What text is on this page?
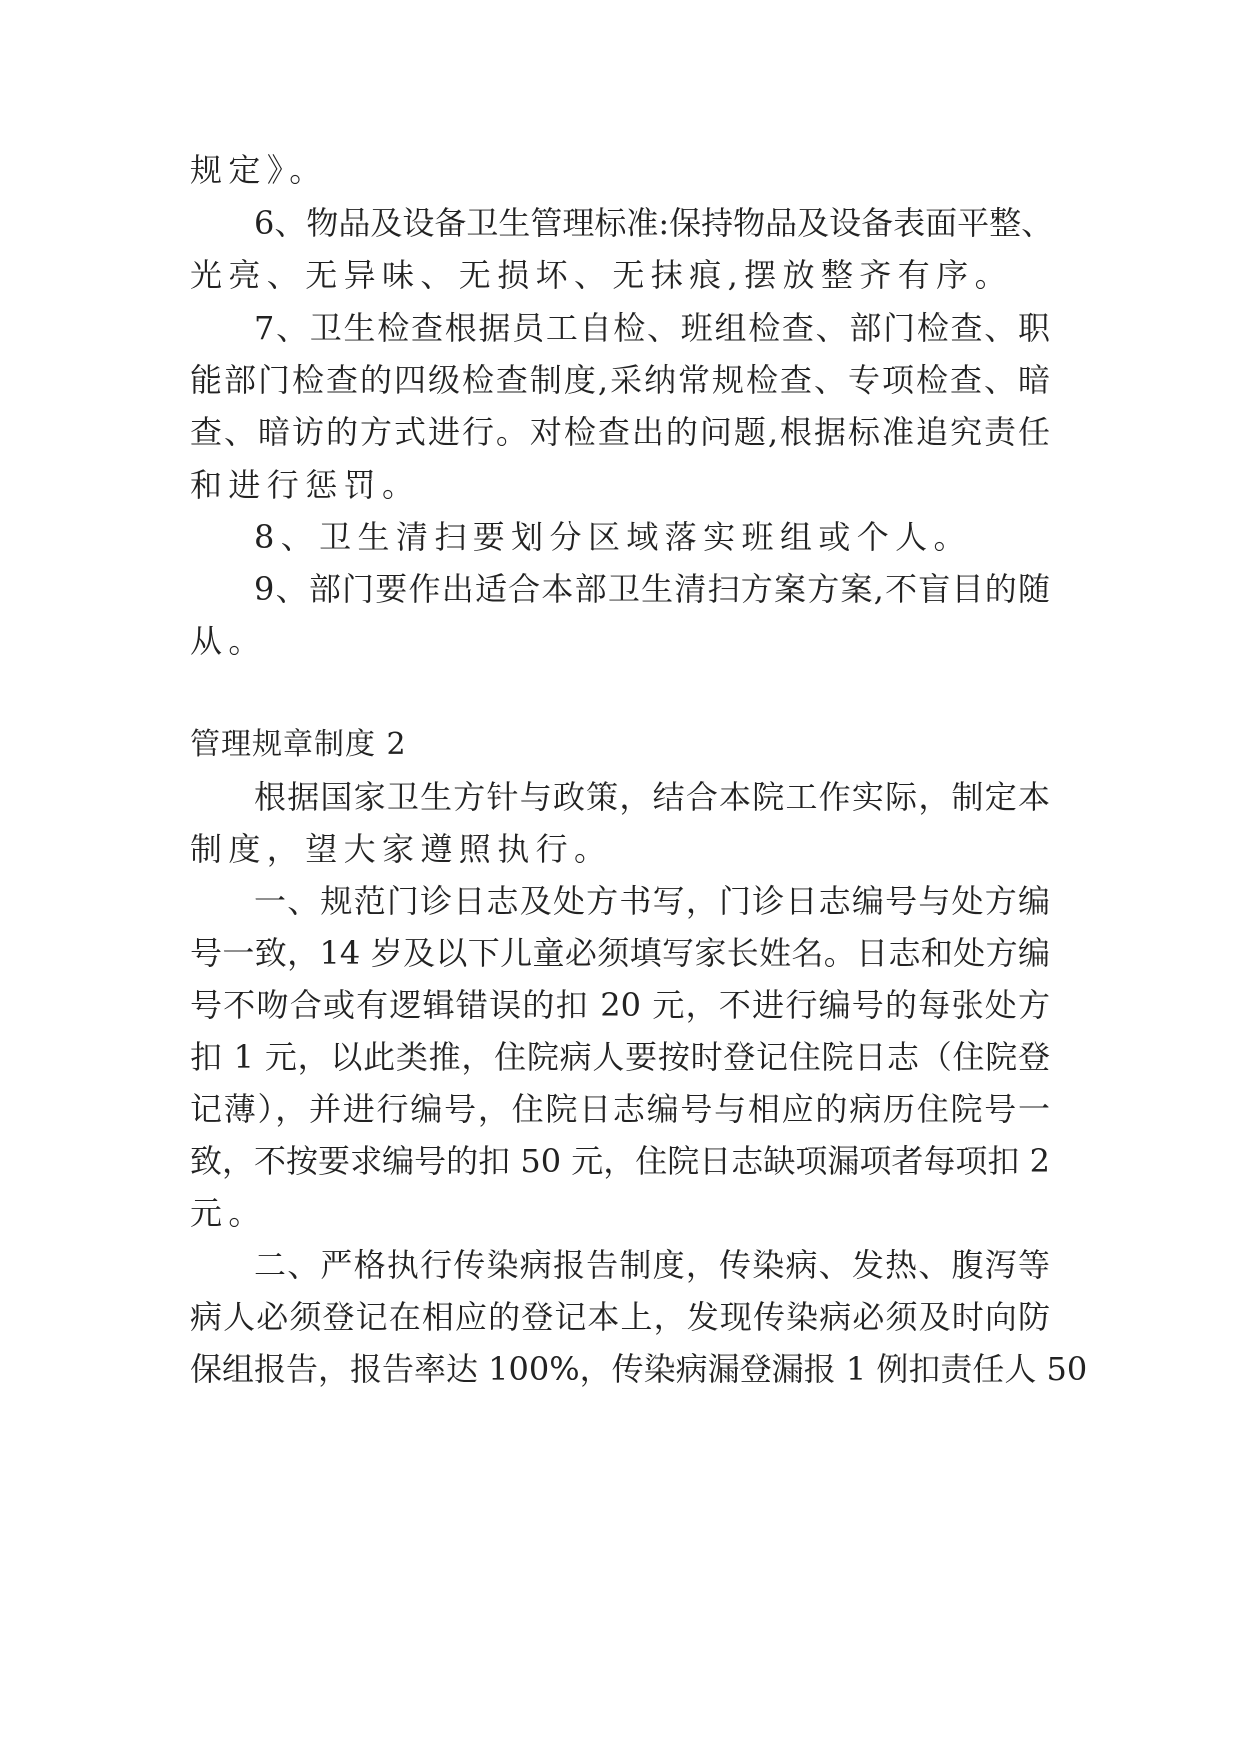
规定》。
6、物品及设备卫生管理标准:保持物品及设备表面平整、
光亮、无异味、无损坏、无抹痕,摆放整齐有序。
7、卫生检查根据员工自检、班组检查、部门检查、职
能部门检查的四级检查制度,采纳常规检查、专项检查、暗
查、暗访的方式进行。对检查出的问题,根据标准追究责任
和进行惩罚。
8、卫生清扫要划分区域落实班组或个人。
9、部门要作出适合本部卫生清扫方案方案,不盲目的随
从。
管理规章制度 2
根据国家卫生方针与政策，结合本院工作实际，制定本
制度，望大家遵照执行。
一、规范门诊日志及处方书写，门诊日志编号与处方编
号一致，14 岁及以下儿童必须填写家长姓名。日志和处方编
号不吻合或有逻辑错误的扣 20 元，不进行编号的每张处方
扣 1 元，以此类推，住院病人要按时登记住院日志（住院登
记薄），并进行编号，住院日志编号与相应的病历住院号一
致，不按要求编号的扣 50 元，住院日志缺项漏项者每项扣 2
元。
二、严格执行传染病报告制度，传染病、发热、腹泻等
病人必须登记在相应的登记本上，发现传染病必须及时向防
保组报告，报告率达 100%，传染病漏登漏报 1 例扣责任人 50
